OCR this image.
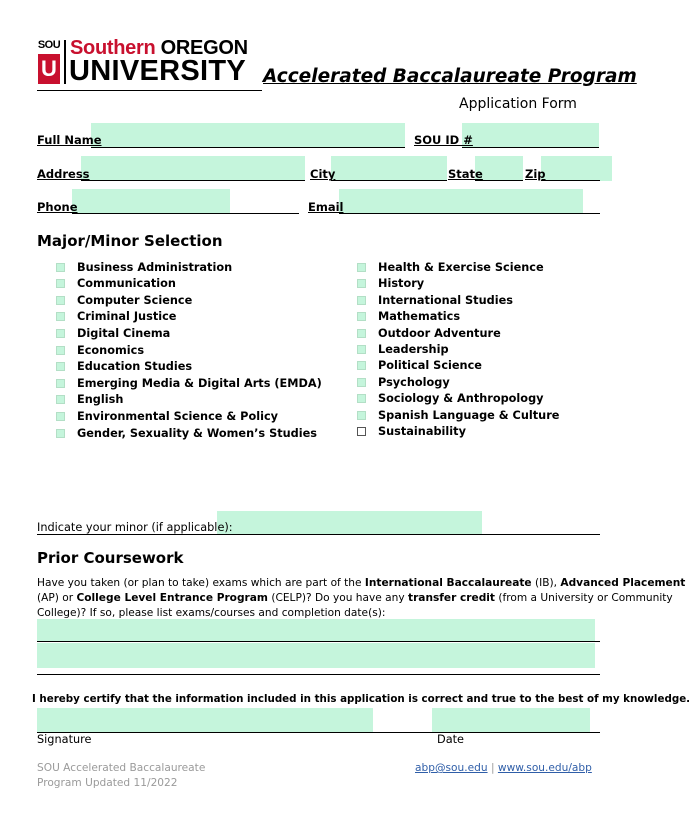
SOU
U
Southern OREGON
UNIVERSITY Accelerated Baccalaureate Program
Application Form
Full Name	SOU ID #
Address	City	State	Zip
Phone	Email
Major/Minor Selection
Business Administration
Communication
Computer Science
Criminal Justice
Digital Cinema
Economics
Education Studies
Emerging Media & Digital Arts (EMDA)
English
Environmental Science & Policy
Gender, Sexuality & Women’s Studies
Health & Exercise Science
History
International Studies
Mathematics
Outdoor Adventure
Leadership
Political Science
Psychology
Sociology & Anthropology
Spanish Language & Culture
Sustainability
Indicate your minor (if applicable):
Prior Coursework
Have you taken (or plan to take) exams which are part of the International Baccalaureate (IB), Advanced Placement
(AP) or College Level Entrance Program (CELP)? Do you have any transfer credit (from a University or Community
College)? If so, please list exams/courses and completion date(s):
I hereby certify that the information included in this application is correct and true to the best of my knowledge.
Signature	Date
SOU Accelerated Baccalaureate
Program Updated 11/2022
abp@sou.edu | www.sou.edu/abp
